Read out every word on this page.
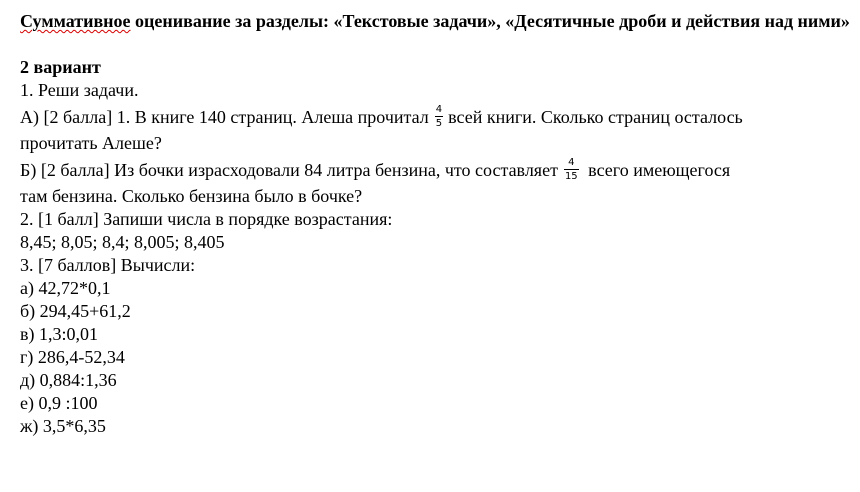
Суммативное оценивание за разделы: «Текстовые задачи», «Десятичные дроби и действия над ними»

2 вариант
1. Реши задачи.
А) [2 балла] 1. В книге 140 страниц. Алеша прочитал $\frac{4}{5}$ всей книги. Сколько страниц осталось
прочитать Алеше?
Б) [2 балла] Из бочки израсходовали 84 литра бензина, что составляет $\frac{4}{15}$ всего имеющегося
там бензина. Сколько бензина было в бочке?
2. [1 балл] Запиши числа в порядке возрастания:
8,45; 8,05; 8,4; 8,005; 8,405
3. [7 баллов] Вычисли:
а) 42,72*0,1
б) 294,45+61,2
в) 1,3:0,01
г) 286,4-52,34
д) 0,884:1,36
е) 0,9 :100
ж) 3,5*6,35
